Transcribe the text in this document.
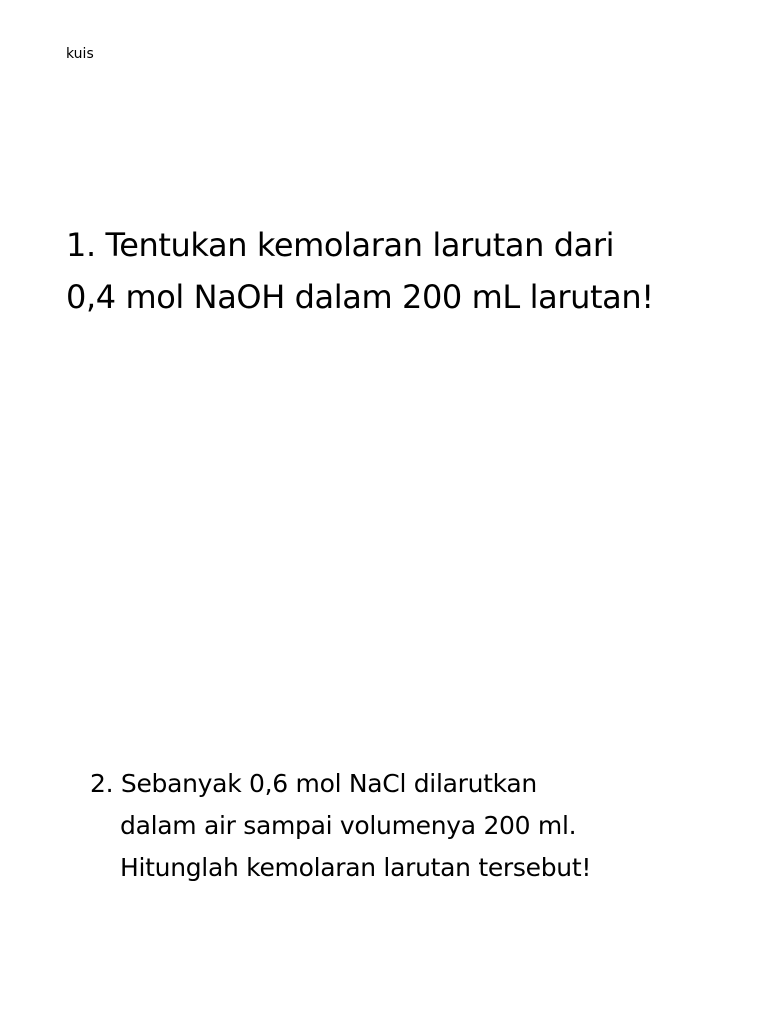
kuis
1. Tentukan kemolaran larutan dari
0,4 mol NaOH dalam 200 mL larutan!
2. Sebanyak 0,6 mol NaCl dilarutkan
dalam air sampai volumenya 200 ml.
Hitunglah kemolaran larutan tersebut!
